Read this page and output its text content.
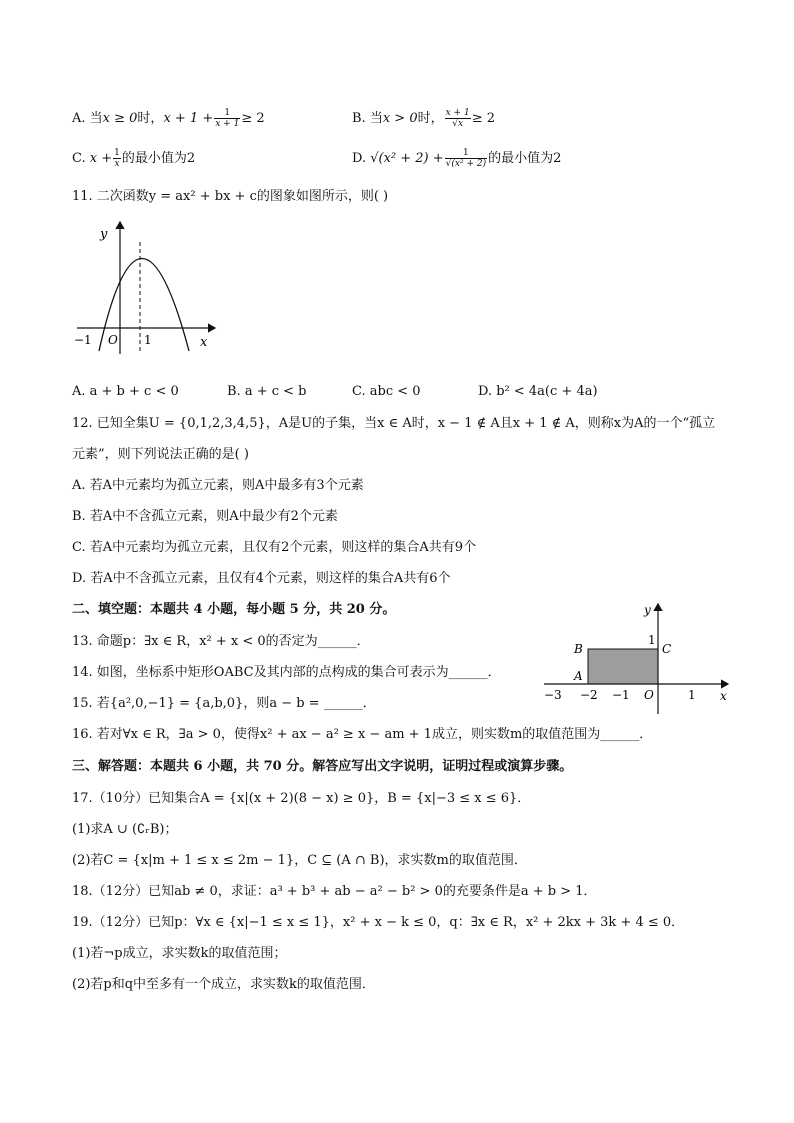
A. 当x ≥ 0时，$x + 1 + \frac{1}{x + 1} \ge 2$	B. 当x > 0时， $\frac{x + 1}{√x} \ge 2$
C. $x + \frac{1}{x}$ 的最小值为2	D. $√(x^2 + 2) + \frac{1}{\text{√(x² + 2)}}$ 的最小值为2
11. 二次函数y = ax² + bx + c的图象如图所示，则( )
y
x
−1 O 1
A. a + b + c < 0	B. a + c < b	C. abc < 0	D. b² < 4a(c + 4a)
12. 已知全集U = {0,1,2,3,4,5}，A是U的子集，当x ∈ A时，x − 1 ∉ A且x + 1 ∉ A，则称x为A的一个“孤立
元素”，则下列说法正确的是( )
A. 若A中元素均为孤立元素，则A中最多有3个元素
B. 若A中不含孤立元素，则A中最少有2个元素
C. 若A中元素均为孤立元素，且仅有2个元素，则这样的集合A共有9个
D. 若A中不含孤立元素，且仅有4个元素，则这样的集合A共有6个
二、填空题：本题共 4 小题，每小题 5 分，共 20 分。
13. 命题p：∃x ∈ R，x² + x < 0的否定为______．
14. 如图，坐标系中矩形OABC及其内部的点构成的集合可表示为______．
15. 若{a²,0,−1} = {a,b,0}，则a − b = ______．
16. 若对∀x ∈ R，∃a > 0，使得x² + ax − a² ≥ x − am + 1成立，则实数m的取值范围为______．
y
x
B	C
A
1
O
−3 −2 −1	1
三、解答题：本题共 6 小题，共 70 分。解答应写出文字说明，证明过程或演算步骤。
17.（10分）已知集合A = {x|(x + 2)(8 − x) ≥ 0}，B = {x|−3 ≤ x ≤ 6}．
(1)求A ∪ (∁ᵣB)；
(2)若C = {x|m + 1 ≤ x ≤ 2m − 1}，C ⊆ (A ∩ B)，求实数m的取值范围．
18.（12分）已知ab ≠ 0，求证：a³ + b³ + ab − a² − b² > 0的充要条件是a + b > 1．
19.（12分）已知p：∀x ∈ {x|−1 ≤ x ≤ 1}，x² + x − k ≤ 0，q：∃x ∈ R，x² + 2kx + 3k + 4 ≤ 0．
(1)若¬p成立，求实数k的取值范围；
(2)若p和q中至多有一个成立，求实数k的取值范围．
